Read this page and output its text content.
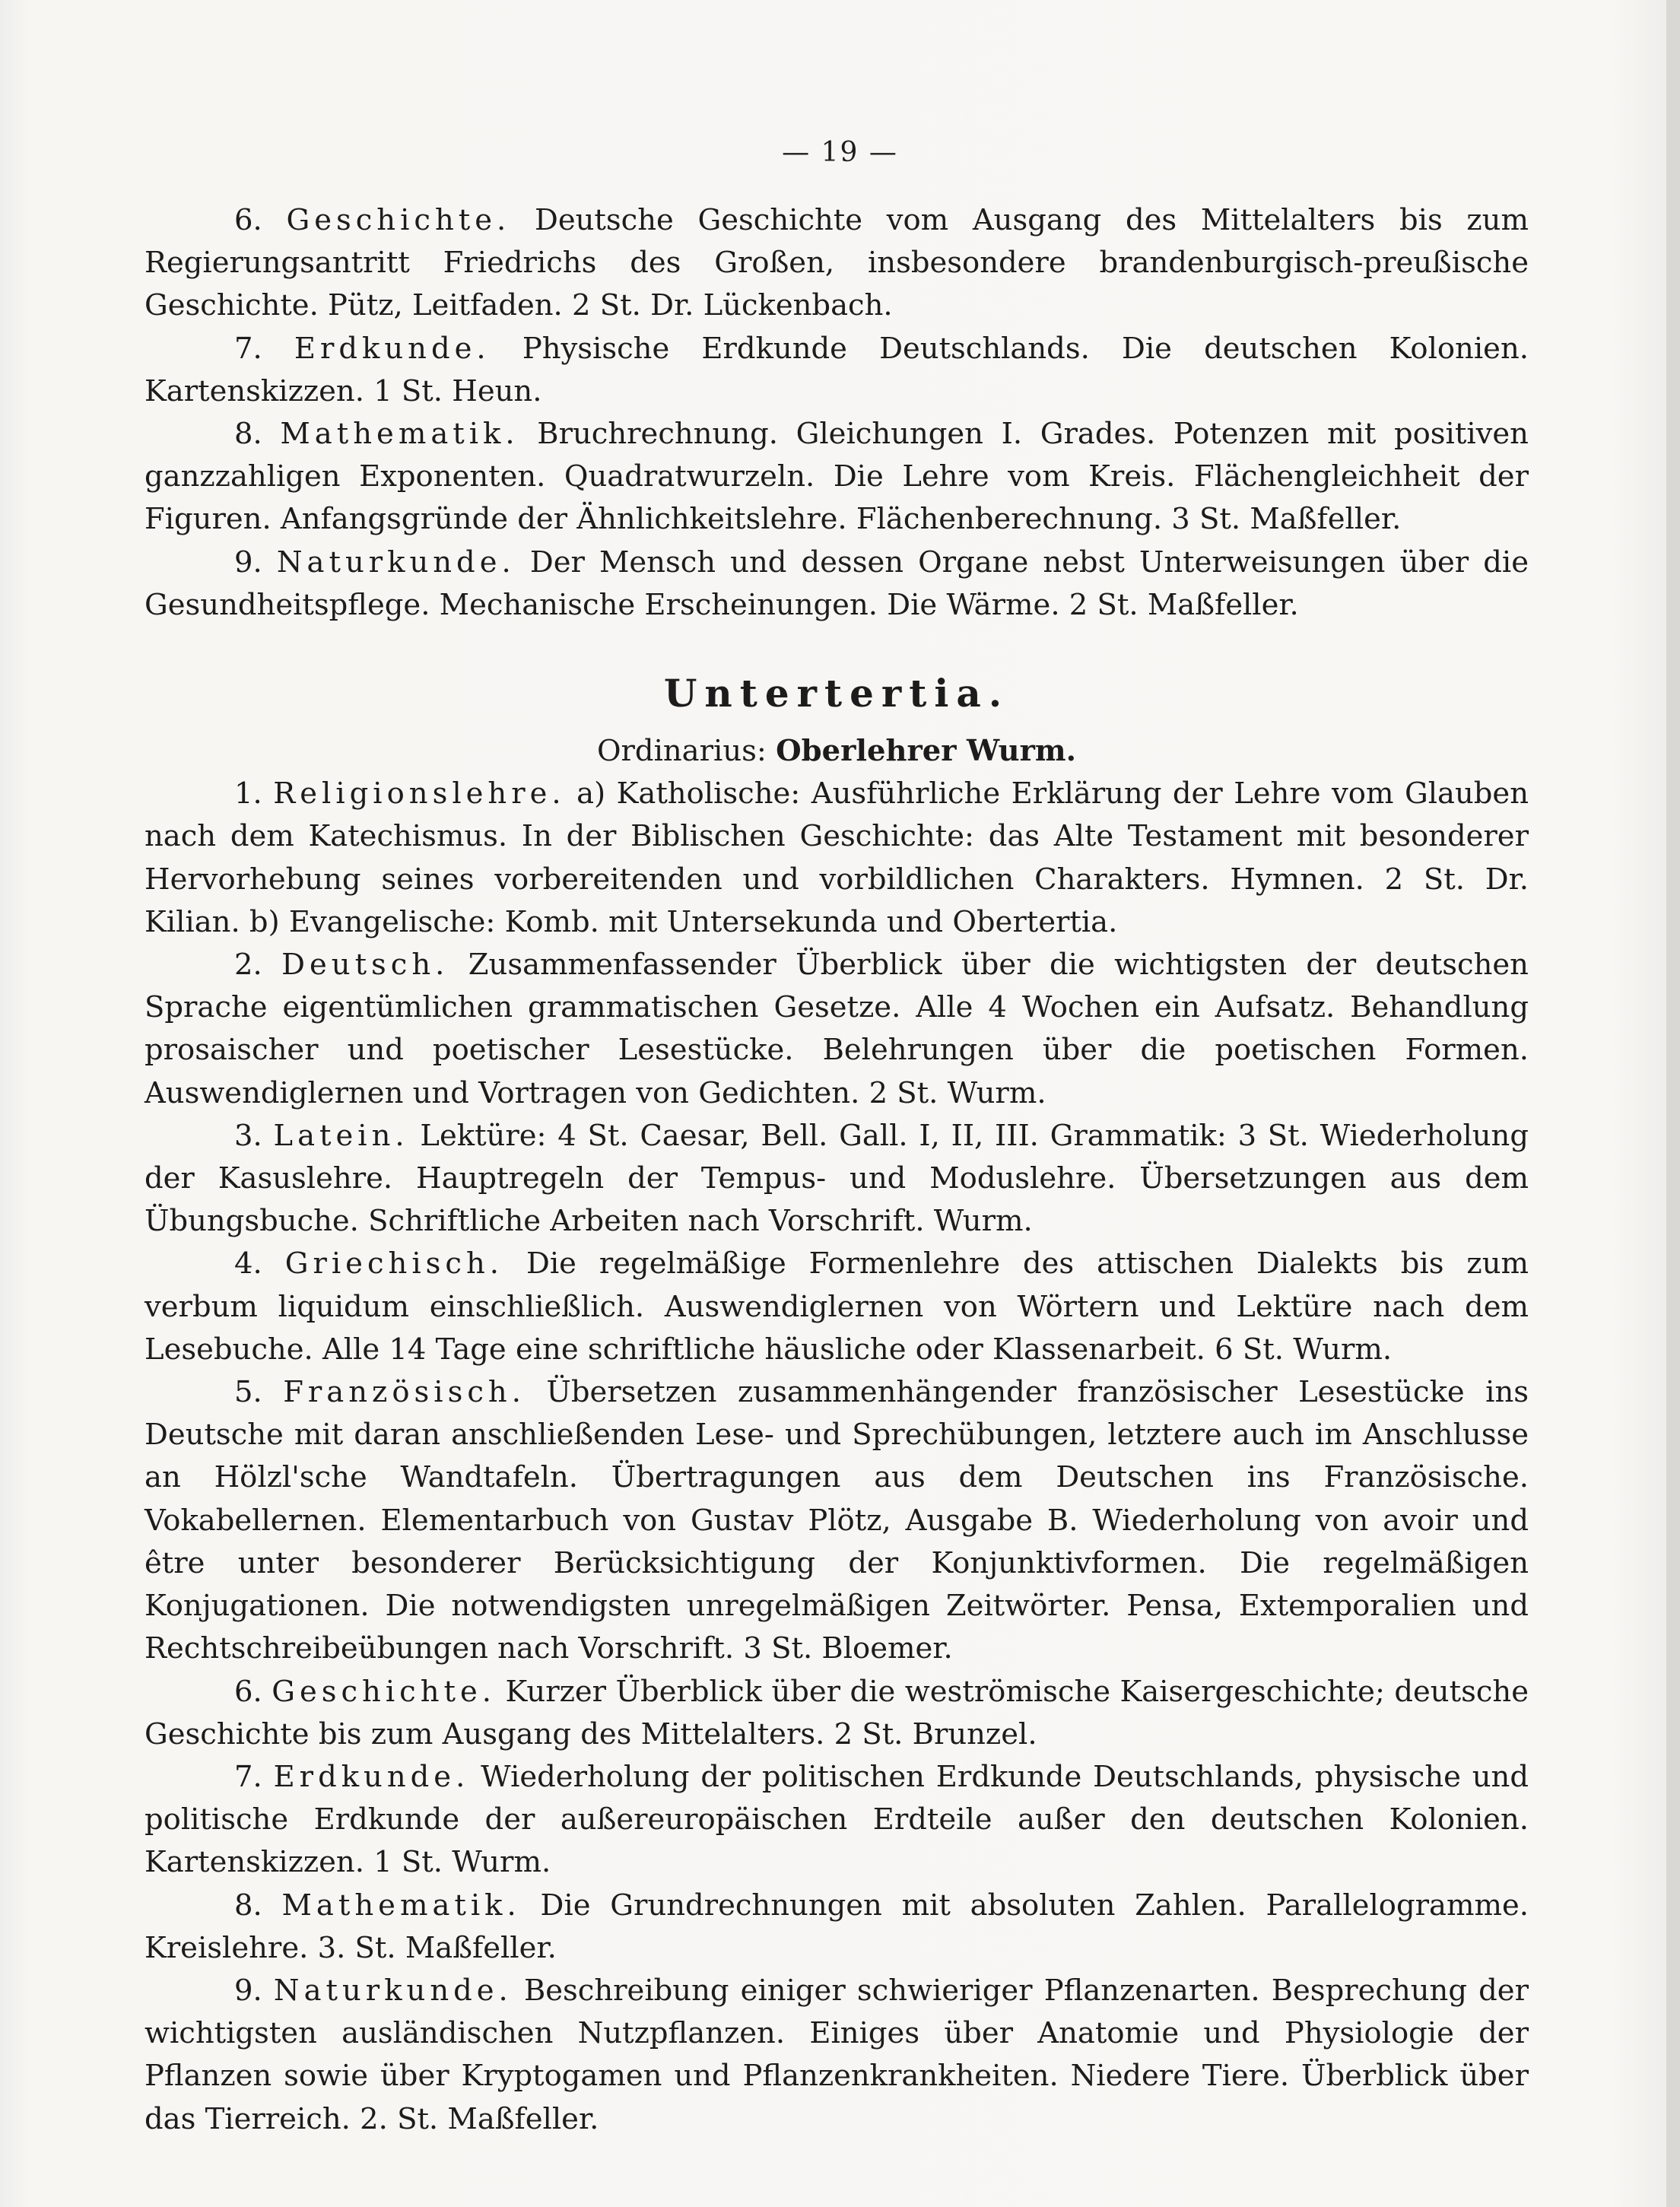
— 19 —

6. Geschichte. Deutsche Geschichte vom Ausgang des Mittelalters bis zum Regierungsantritt Friedrichs des Großen, insbesondere brandenburgisch-preußische Geschichte. Pütz, Leitfaden. 2 St. Dr. Lückenbach.

7. Erdkunde. Physische Erdkunde Deutschlands. Die deutschen Kolonien. Kartenskizzen. 1 St. Heun.

8. Mathematik. Bruchrechnung. Gleichungen I. Grades. Potenzen mit positiven ganzzahligen Exponenten. Quadratwurzeln. Die Lehre vom Kreis. Flächengleichheit der Figuren. Anfangsgründe der Ähnlichkeitslehre. Flächenberechnung. 3 St. Maßfeller.

9. Naturkunde. Der Mensch und dessen Organe nebst Unterweisungen über die Gesundheitspflege. Mechanische Erscheinungen. Die Wärme. 2 St. Maßfeller.

Untertertia.

Ordinarius: Oberlehrer Wurm.

1. Religionslehre. a) Katholische: Ausführliche Erklärung der Lehre vom Glauben nach dem Katechismus. In der Biblischen Geschichte: das Alte Testament mit besonderer Hervorhebung seines vorbereitenden und vorbildlichen Charakters. Hymnen. 2 St. Dr. Kilian. b) Evangelische: Komb. mit Untersekunda und Obertertia.

2. Deutsch. Zusammenfassender Überblick über die wichtigsten der deutschen Sprache eigentümlichen grammatischen Gesetze. Alle 4 Wochen ein Aufsatz. Behandlung prosaischer und poetischer Lesestücke. Belehrungen über die poetischen Formen. Auswendiglernen und Vortragen von Gedichten. 2 St. Wurm.

3. Latein. Lektüre: 4 St. Caesar, Bell. Gall. I, II, III. Grammatik: 3 St. Wiederholung der Kasuslehre. Hauptregeln der Tempus- und Moduslehre. Übersetzungen aus dem Übungsbuche. Schriftliche Arbeiten nach Vorschrift. Wurm.

4. Griechisch. Die regelmäßige Formenlehre des attischen Dialekts bis zum verbum liquidum einschließlich. Auswendiglernen von Wörtern und Lektüre nach dem Lesebuche. Alle 14 Tage eine schriftliche häusliche oder Klassenarbeit. 6 St. Wurm.

5. Französisch. Übersetzen zusammenhängender französischer Lesestücke ins Deutsche mit daran anschließenden Lese- und Sprechübungen, letztere auch im Anschlusse an Hölzl'sche Wandtafeln. Übertragungen aus dem Deutschen ins Französische. Vokabellernen. Elementarbuch von Gustav Plötz, Ausgabe B. Wiederholung von avoir und être unter besonderer Berücksichtigung der Konjunktivformen. Die regelmäßigen Konjugationen. Die notwendigsten unregelmäßigen Zeitwörter. Pensa, Extemporalien und Rechtschreibeübungen nach Vorschrift. 3 St. Bloemer.

6. Geschichte. Kurzer Überblick über die weströmische Kaisergeschichte; deutsche Geschichte bis zum Ausgang des Mittelalters. 2 St. Brunzel.

7. Erdkunde. Wiederholung der politischen Erdkunde Deutschlands, physische und politische Erdkunde der außereuropäischen Erdteile außer den deutschen Kolonien. Kartenskizzen. 1 St. Wurm.

8. Mathematik. Die Grundrechnungen mit absoluten Zahlen. Parallelogramme. Kreislehre. 3. St. Maßfeller.

9. Naturkunde. Beschreibung einiger schwieriger Pflanzenarten. Besprechung der wichtigsten ausländischen Nutzpflanzen. Einiges über Anatomie und Physiologie der Pflanzen sowie über Kryptogamen und Pflanzenkrankheiten. Niedere Tiere. Überblick über das Tierreich. 2. St. Maßfeller.
